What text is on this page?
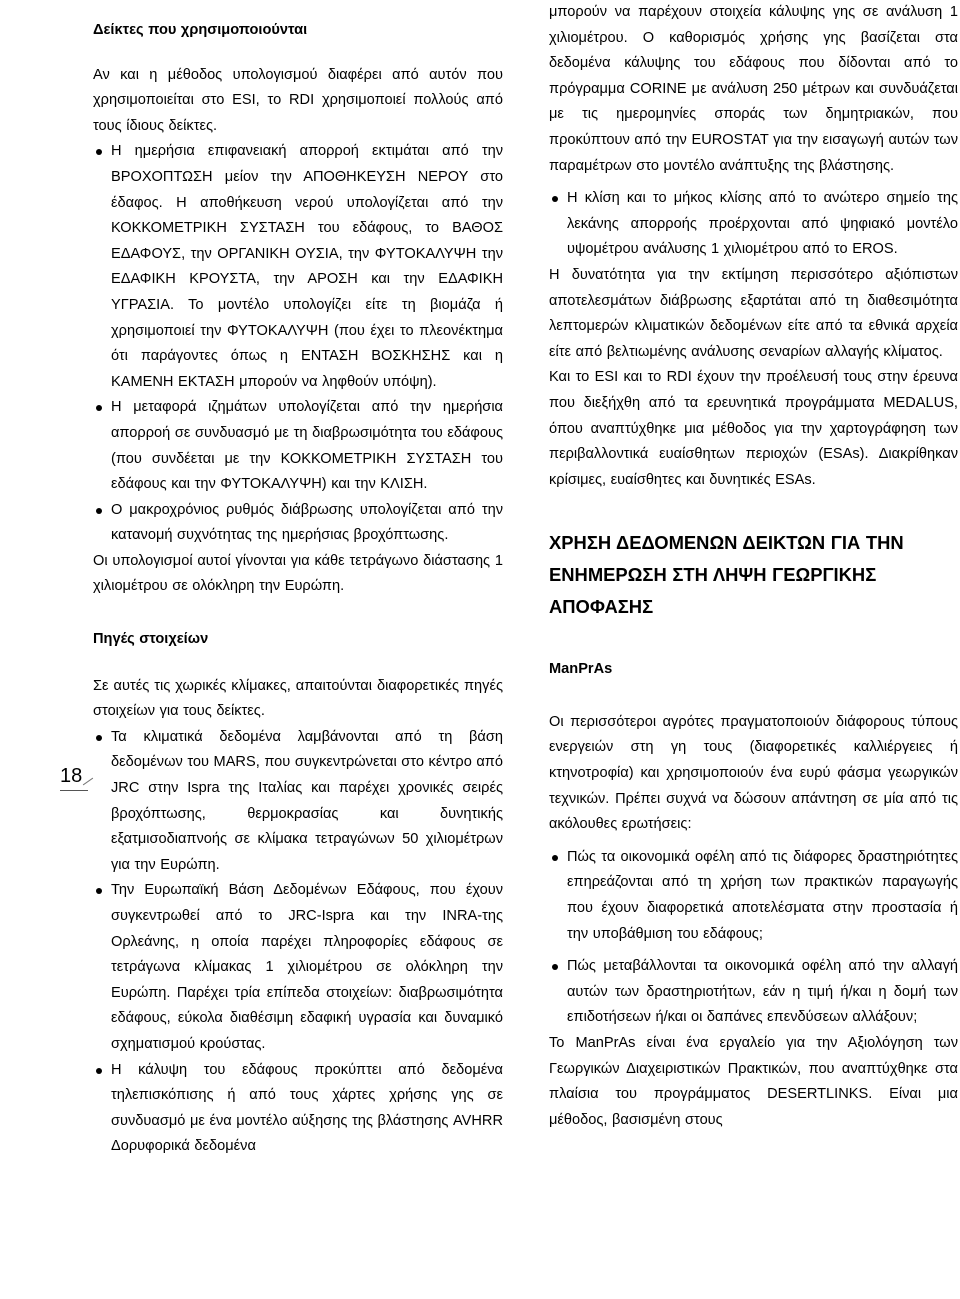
18

Δείκτες που χρησιμοποιούνται

Αν και η μέθοδος υπολογισμού διαφέρει από αυτόν που χρησιμοποιείται στο ESI, το RDI χρησιμοποιεί πολλούς από τους ίδιους δείκτες.

Η ημερήσια επιφανειακή απορροή εκτιμάται από την ΒΡΟΧΟΠΤΩΣΗ μείον την ΑΠΟΘΗΚΕΥΣΗ ΝΕΡΟΥ στο έδαφος. Η αποθήκευση νερού υπολογίζεται από την ΚΟΚΚΟΜΕΤΡΙΚΗ ΣΥΣΤΑΣΗ του εδάφους, το ΒΑΘΟΣ ΕΔΑΦΟΥΣ, την ΟΡΓΑΝΙΚΗ ΟΥΣΙΑ, την ΦΥΤΟΚΑΛΥΨΗ την ΕΔΑΦΙΚΗ ΚΡΟΥΣΤΑ, την ΑΡΟΣΗ και την ΕΔΑΦΙΚΗ ΥΓΡΑΣΙΑ. Το μοντέλο υπολογίζει είτε τη βιομάζα ή χρησιμοποιεί την ΦΥΤΟΚΑΛΥΨΗ (που έχει το πλεονέκτημα ότι παράγοντες όπως η ΕΝΤΑΣΗ ΒΟΣΚΗΣΗΣ και η ΚΑΜΕΝΗ ΕΚΤΑΣΗ μπορούν να ληφθούν υπόψη).
Η μεταφορά ιζημάτων υπολογίζεται από την ημερήσια απορροή σε συνδυασμό με τη διαβρωσιμότητα του εδάφους (που συνδέεται με την ΚΟΚΚΟΜΕΤΡΙΚΗ ΣΥΣΤΑΣΗ του εδάφους και την ΦΥΤΟΚΑΛΥΨΗ) και την ΚΛΙΣΗ.
Ο μακροχρόνιος ρυθμός διάβρωσης υπολογίζεται από την κατανομή συχνότητας της ημερήσιας βροχόπτωσης.

Οι υπολογισμοί αυτοί γίνονται για κάθε τετράγωνο διάστασης 1 χιλιομέτρου σε ολόκληρη την Ευρώπη.

Πηγές στοιχείων

Σε αυτές τις χωρικές κλίμακες, απαιτούνται διαφορετικές πηγές στοιχείων για τους δείκτες.

Τα κλιματικά δεδομένα λαμβάνονται από τη βάση δεδομένων του MARS, που συγκεντρώνεται στο κέντρο από JRC στην Ispra της Ιταλίας και παρέχει χρονικές σειρές βροχόπτωσης, θερμοκρασίας και δυνητικής εξατμισοδιαπνοής σε κλίμακα τετραγώνων 50 χιλιομέτρων για την Ευρώπη.
Την Ευρωπαϊκή Βάση Δεδομένων Εδάφους, που έχουν συγκεντρωθεί από το JRC-Ispra και την INRA-της Ορλεάνης, η οποία παρέχει πληροφορίες εδάφους σε τετράγωνα κλίμακας 1 χιλιομέτρου σε ολόκληρη την Ευρώπη. Παρέχει τρία επίπεδα στοιχείων: διαβρωσιμότητα εδάφους, εύκολα διαθέσιμη εδαφική υγρασία και δυναμικό σχηματισμού κρούστας.
Η κάλυψη του εδάφους προκύπτει από δεδομένα τηλεπισκόπισης ή από τους χάρτες χρήσης γης σε συνδυασμό με ένα μοντέλο αύξησης της βλάστησης AVHRR Δορυφορικά δεδομένα

μπορούν να παρέχουν στοιχεία κάλυψης γης σε ανάλυση 1 χιλιομέτρου. Ο καθορισμός χρήσης γης βασίζεται στα δεδομένα κάλυψης του εδάφους που δίδονται από το πρόγραμμα CORINE με ανάλυση 250 μέτρων και συνδυάζεται με τις ημερομηνίες σποράς των δημητριακών, που προκύπτουν από την EUROSTAT για την εισαγωγή αυτών των παραμέτρων στο μοντέλο ανάπτυξης της βλάστησης.

Η κλίση και το μήκος κλίσης από το ανώτερο σημείο της λεκάνης απορροής προέρχονται από ψηφιακό μοντέλο υψομέτρου ανάλυσης 1 χιλιομέτρου από το EROS.

Η δυνατότητα για την εκτίμηση περισσότερο αξιόπιστων αποτελεσμάτων διάβρωσης εξαρτάται από τη διαθεσιμότητα λεπτομερών κλιματικών δεδομένων είτε από τα εθνικά αρχεία είτε από βελτιωμένης ανάλυσης σεναρίων αλλαγής κλίματος.

Και το ESI και το RDI έχουν την προέλευσή τους στην έρευνα που διεξήχθη από τα ερευνητικά προγράμματα MEDALUS, όπου αναπτύχθηκε μια μέθοδος για την χαρτογράφηση των περιβαλλοντικά ευαίσθητων περιοχών (ESAs). Διακρίθηκαν κρίσιμες, ευαίσθητες και δυνητικές ESAs.

ΧΡΗΣΗ ΔΕΔΟΜΕΝΩΝ ΔΕΙΚΤΩΝ ΓΙΑ ΤΗΝ ΕΝΗΜΕΡΩΣΗ ΣΤΗ ΛΗΨΗ ΓΕΩΡΓΙΚΗΣ ΑΠΟΦΑΣΗΣ

ManPrAs

Οι περισσότεροι αγρότες πραγματοποιούν διάφορους τύπους ενεργειών στη γη τους (διαφορετικές καλλιέργειες ή κτηνοτροφία) και χρησιμοποιούν ένα ευρύ φάσμα γεωργικών τεχνικών. Πρέπει συχνά να δώσουν απάντηση σε μία από τις ακόλουθες ερωτήσεις:

Πώς τα οικονομικά οφέλη από τις διάφορες δραστηριότητες επηρεάζονται από τη χρήση των πρακτικών παραγωγής που έχουν διαφορετικά αποτελέσματα στην προστασία ή την υποβάθμιση του εδάφους;
Πώς μεταβάλλονται τα οικονομικά οφέλη από την αλλαγή αυτών των δραστηριοτήτων, εάν η τιμή ή/και η δομή των επιδοτήσεων ή/και οι δαπάνες επενδύσεων αλλάξουν;

Το ManPrAs είναι ένα εργαλείο για την Αξιολόγηση των Γεωργικών Διαχειριστικών Πρακτικών, που αναπτύχθηκε στα πλαίσια του προγράμματος DESERTLINKS. Είναι μια μέθοδος, βασισμένη στους
